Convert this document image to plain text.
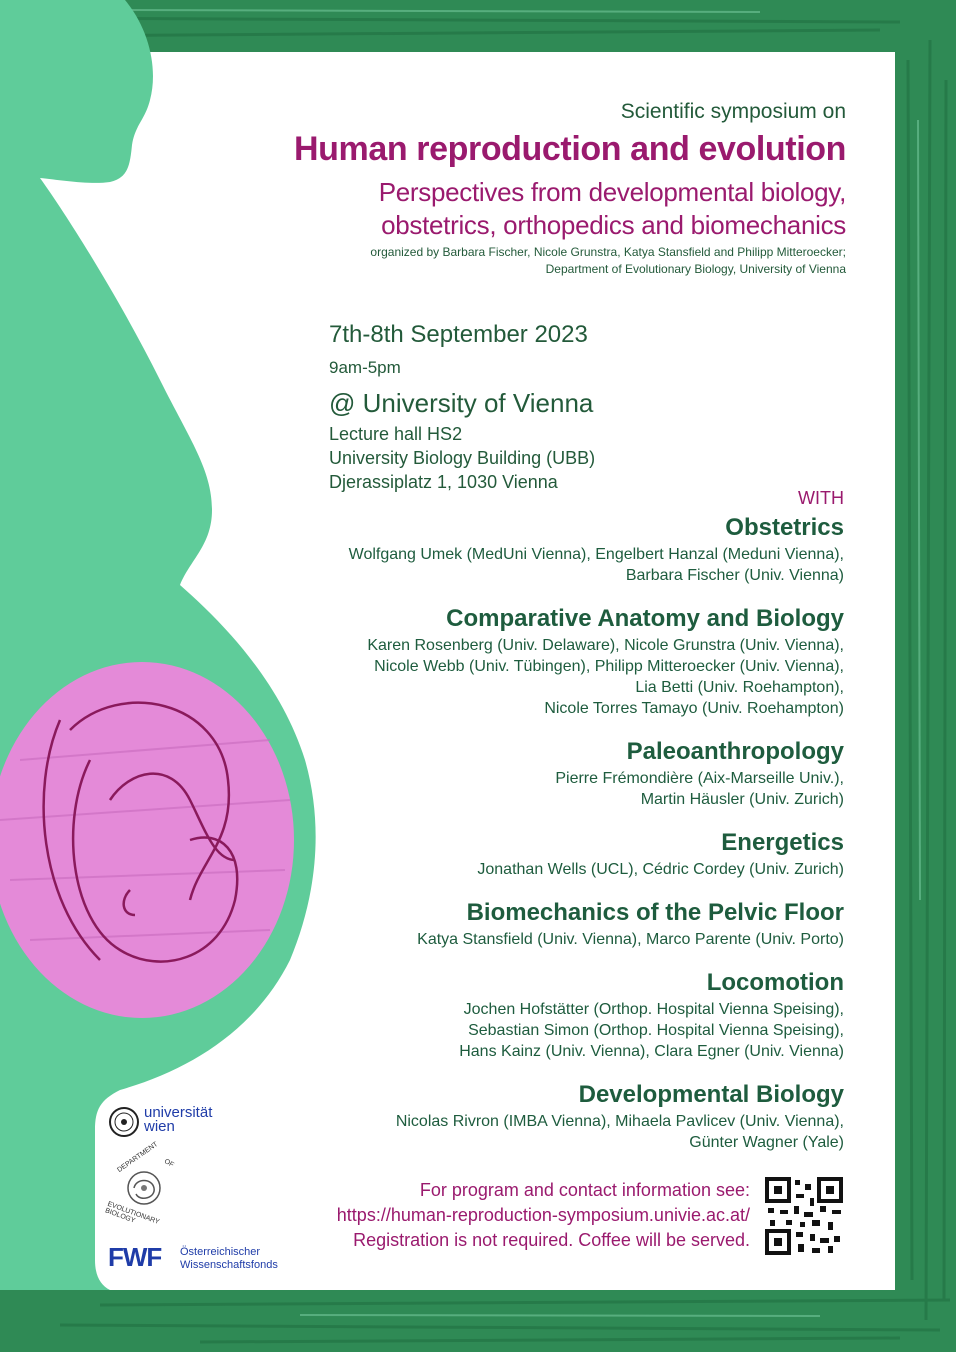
Scientific symposium on
Human reproduction and evolution
Perspectives from developmental biology,
obstetrics, orthopedics and biomechanics
organized by Barbara Fischer, Nicole Grunstra, Katya Stansfield and Philipp Mitteroecker;
Department of Evolutionary Biology, University of Vienna
7th-8th September 2023
9am-5pm
@ University of Vienna
Lecture hall HS2
University Biology Building (UBB)
Djerassiplatz 1, 1030 Vienna
WITH
Obstetrics
Wolfgang Umek (MedUni Vienna), Engelbert Hanzal (Meduni Vienna),
Barbara Fischer (Univ. Vienna)
Comparative Anatomy and Biology
Karen Rosenberg (Univ. Delaware), Nicole Grunstra (Univ. Vienna),
Nicole Webb (Univ. Tübingen), Philipp Mitteroecker (Univ. Vienna),
Lia Betti (Univ. Roehampton),
Nicole Torres Tamayo (Univ. Roehampton)
Paleoanthropology
Pierre Frémondière (Aix-Marseille Univ.),
Martin Häusler (Univ. Zurich)
Energetics
Jonathan Wells (UCL), Cédric Cordey (Univ. Zurich)
Biomechanics of the Pelvic Floor
Katya Stansfield (Univ. Vienna), Marco Parente (Univ. Porto)
Locomotion
Jochen Hofstätter (Orthop. Hospital Vienna Speising),
Sebastian Simon (Orthop. Hospital Vienna Speising),
Hans Kainz (Univ. Vienna), Clara Egner (Univ. Vienna)
Developmental Biology
Nicolas Rivron (IMBA Vienna), Mihaela Pavlicev (Univ. Vienna),
Günter Wagner (Yale)
For program and contact information see:
https://human-reproduction-symposium.univie.ac.at/
Registration is not required. Coffee will be served.
universität
wien
DEPARTMENT OF
EVOLUTIONARY BIOLOGY
FWF Österreichischer
Wissenschaftsfonds
